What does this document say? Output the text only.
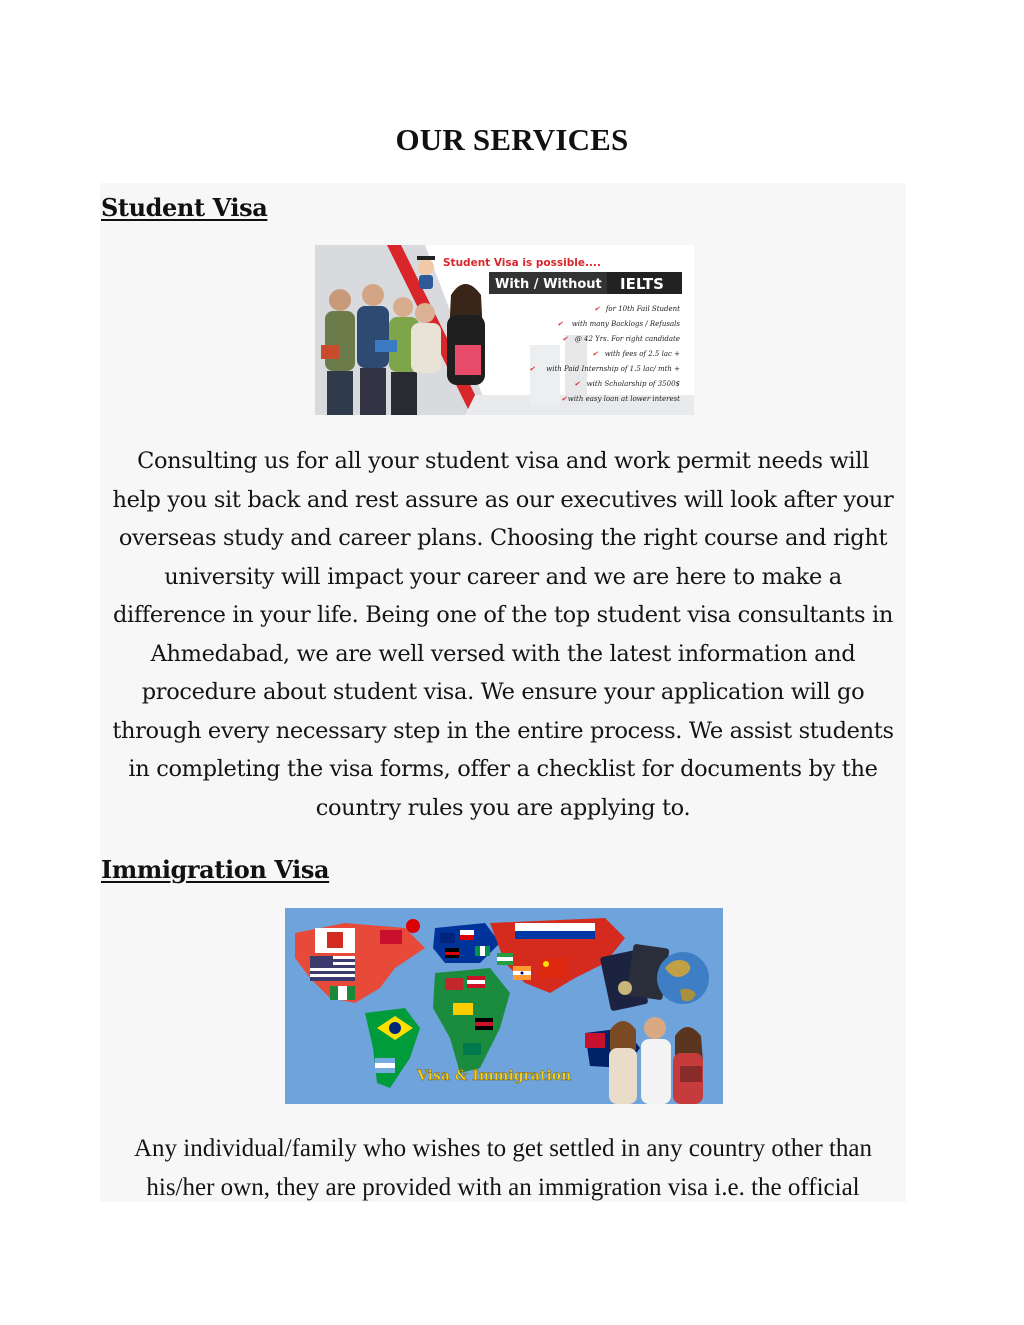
OUR SERVICES
Student Visa
Student Visa is possible....
With / Without IELTS
✔ for 10th Fail Student
✔ with many Backlogs / Refusals
✔ @ 42 Yrs. For right candidate
✔ with fees of 2.5 lac +
✔ with Paid Internship of 1.5 lac/ mth +
✔ with Scholarship of 3500$
✔ with easy loan at lower interest

Consulting us for all your student visa and work permit needs will
help you sit back and rest assure as our executives will look after your
overseas study and career plans. Choosing the right course and right
university will impact your career and we are here to make a
difference in your life. Being one of the top student visa consultants in
Ahmedabad, we are well versed with the latest information and
procedure about student visa. We ensure your application will go
through every necessary step in the entire process. We assist students
in completing the visa forms, offer a checklist for documents by the
country rules you are applying to.

Immigration Visa
Visa & Immigration

Any individual/family who wishes to get settled in any country other than
his/her own, they are provided with an immigration visa i.e. the official
